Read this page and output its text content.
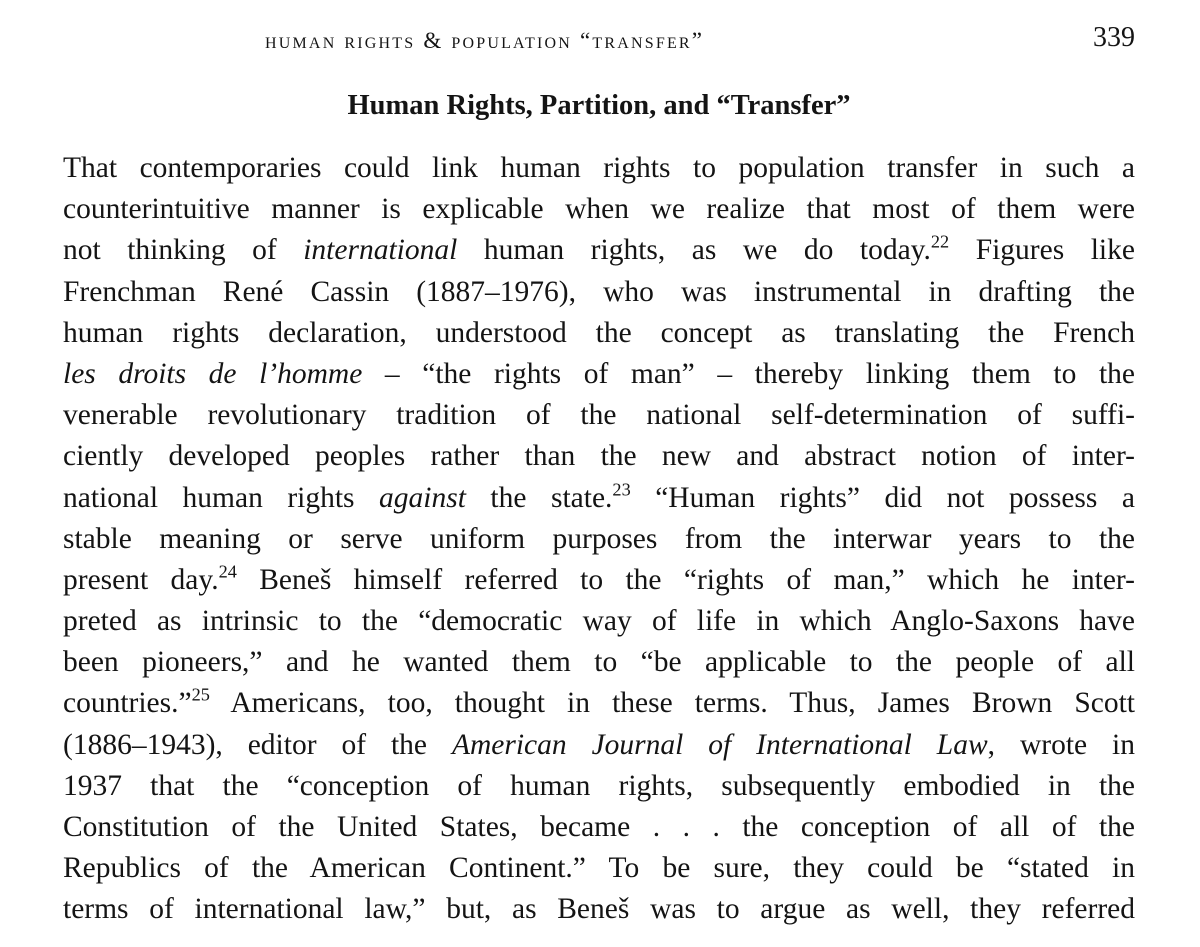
human rights & population “transfer”	339
Human Rights, Partition, and “Transfer”
That contemporaries could link human rights to population transfer in such a
counterintuitive manner is explicable when we realize that most of them were
not thinking of international human rights, as we do today.$^{22}$ Figures like
Frenchman René Cassin (1887–1976), who was instrumental in drafting the
human rights declaration, understood the concept as translating the French
les droits de l’homme – “the rights of man” – thereby linking them to the
venerable revolutionary tradition of the national self-determination of suffi-
ciently developed peoples rather than the new and abstract notion of inter-
national human rights against the state.$^{23}$ “Human rights” did not possess a
stable meaning or serve uniform purposes from the interwar years to the
present day.$^{24}$ Beneš himself referred to the “rights of man,” which he inter-
preted as intrinsic to the “democratic way of life in which Anglo-Saxons have
been pioneers,” and he wanted them to “be applicable to the people of all
countries.”$^{25}$ Americans, too, thought in these terms. Thus, James Brown Scott
(1886–1943), editor of the American Journal of International Law, wrote in
1937 that the “conception of human rights, subsequently embodied in the
Constitution of the United States, became . . . the conception of all of the
Republics of the American Continent.” To be sure, they could be “stated in
terms of international law,” but, as Beneš was to argue as well, they referred
